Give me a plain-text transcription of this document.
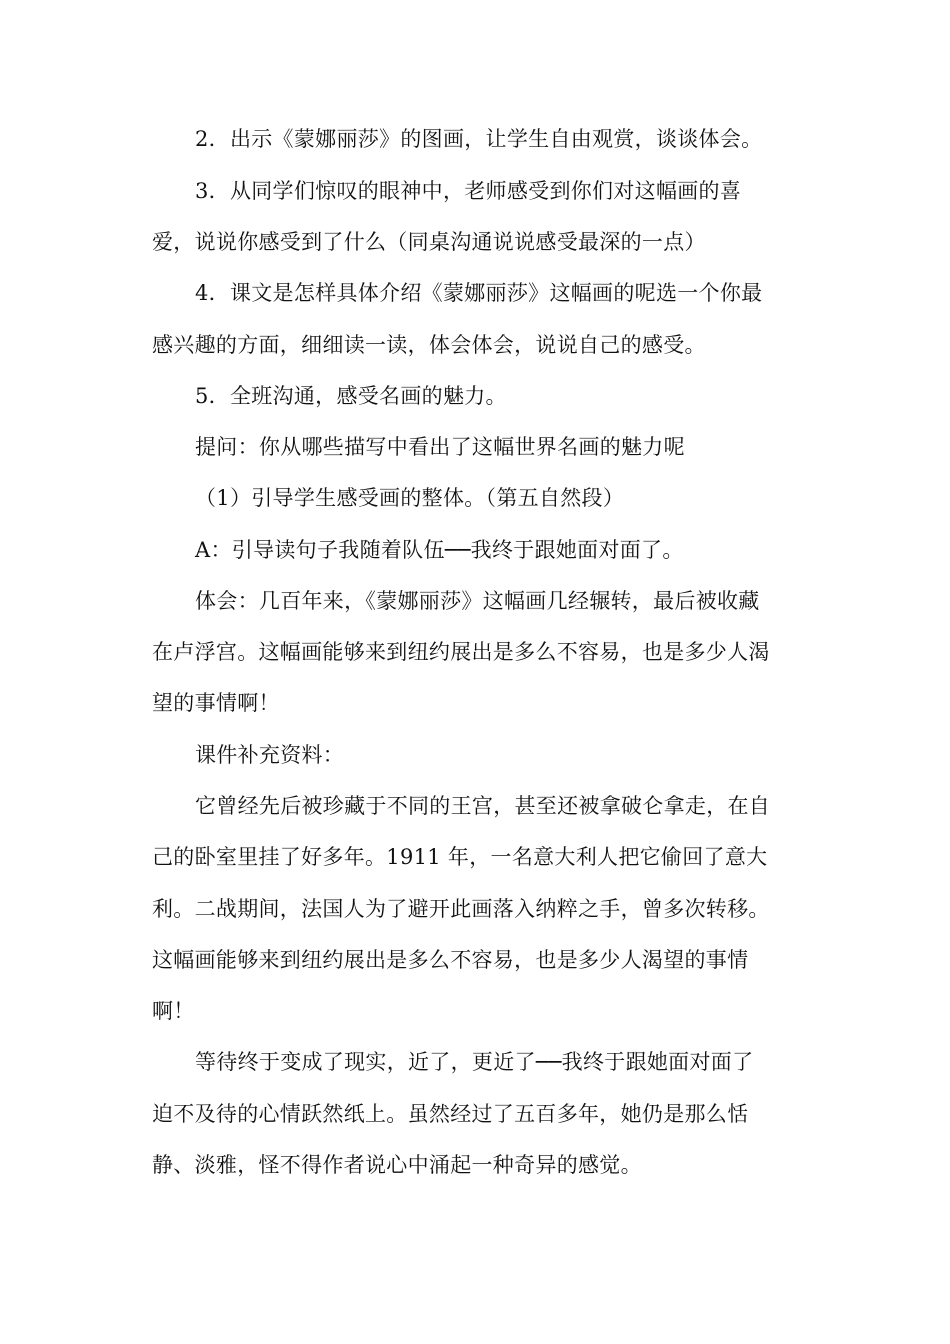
2．出示《蒙娜丽莎》的图画，让学生自由观赏，谈谈体会。
3．从同学们惊叹的眼神中，老师感受到你们对这幅画的喜
爱，说说你感受到了什么（同桌沟通说说感受最深的一点）
4．课文是怎样具体介绍《蒙娜丽莎》这幅画的呢选一个你最
感兴趣的方面，细细读一读，体会体会，说说自己的感受。
5．全班沟通，感受名画的魅力。
提问：你从哪些描写中看出了这幅世界名画的魅力呢
（1）引导学生感受画的整体。（第五自然段）
A：引导读句子我随着队伍──我终于跟她面对面了。
体会：几百年来，《蒙娜丽莎》这幅画几经辗转，最后被收藏
在卢浮宫。这幅画能够来到纽约展出是多么不容易，也是多少人渴
望的事情啊！
课件补充资料：
它曾经先后被珍藏于不同的王宫，甚至还被拿破仑拿走，在自
己的卧室里挂了好多年。1911 年，一名意大利人把它偷回了意大
利。二战期间，法国人为了避开此画落入纳粹之手，曾多次转移。
这幅画能够来到纽约展出是多么不容易，也是多少人渴望的事情
啊！
等待终于变成了现实，近了，更近了──我终于跟她面对面了
迫不及待的心情跃然纸上。虽然经过了五百多年，她仍是那么恬
静、淡雅，怪不得作者说心中涌起一种奇异的感觉。
